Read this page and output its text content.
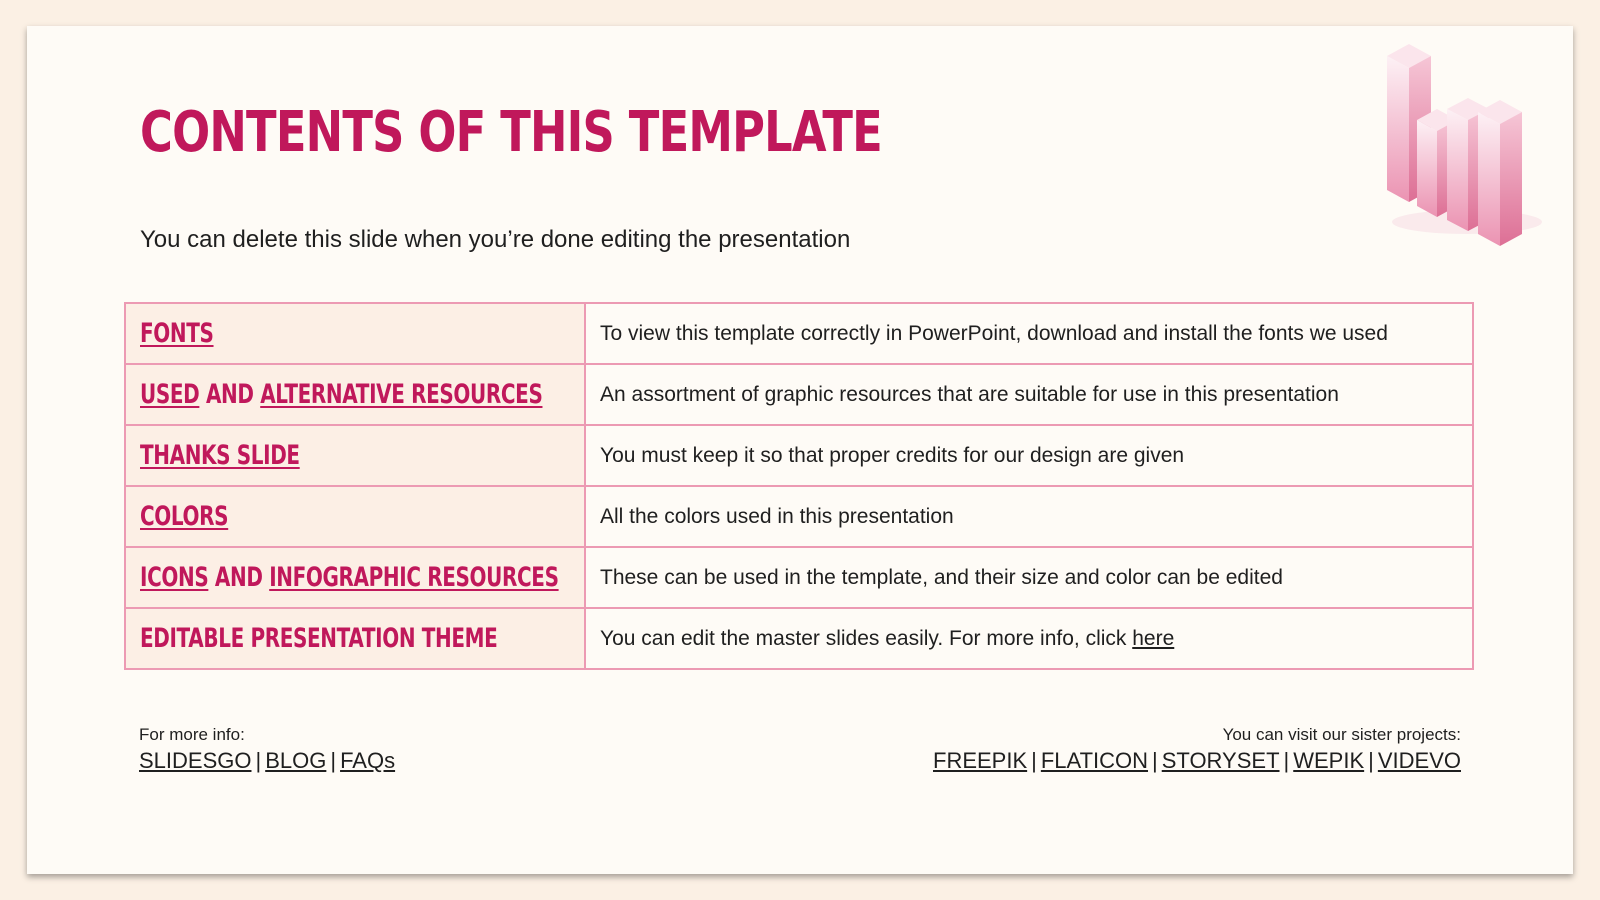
CONTENTS OF THIS TEMPLATE
You can delete this slide when you’re done editing the presentation
FONTS	To view this template correctly in PowerPoint, download and install the fonts we used
USED AND ALTERNATIVE RESOURCES	An assortment of graphic resources that are suitable for use in this presentation
THANKS SLIDE	You must keep it so that proper credits for our design are given
COLORS	All the colors used in this presentation
ICONS AND INFOGRAPHIC RESOURCES	These can be used in the template, and their size and color can be edited
EDITABLE PRESENTATION THEME	You can edit the master slides easily. For more info, click here
For more info:
SLIDESGO | BLOG | FAQs
You can visit our sister projects:
FREEPIK | FLATICON | STORYSET | WEPIK | VIDEVO
